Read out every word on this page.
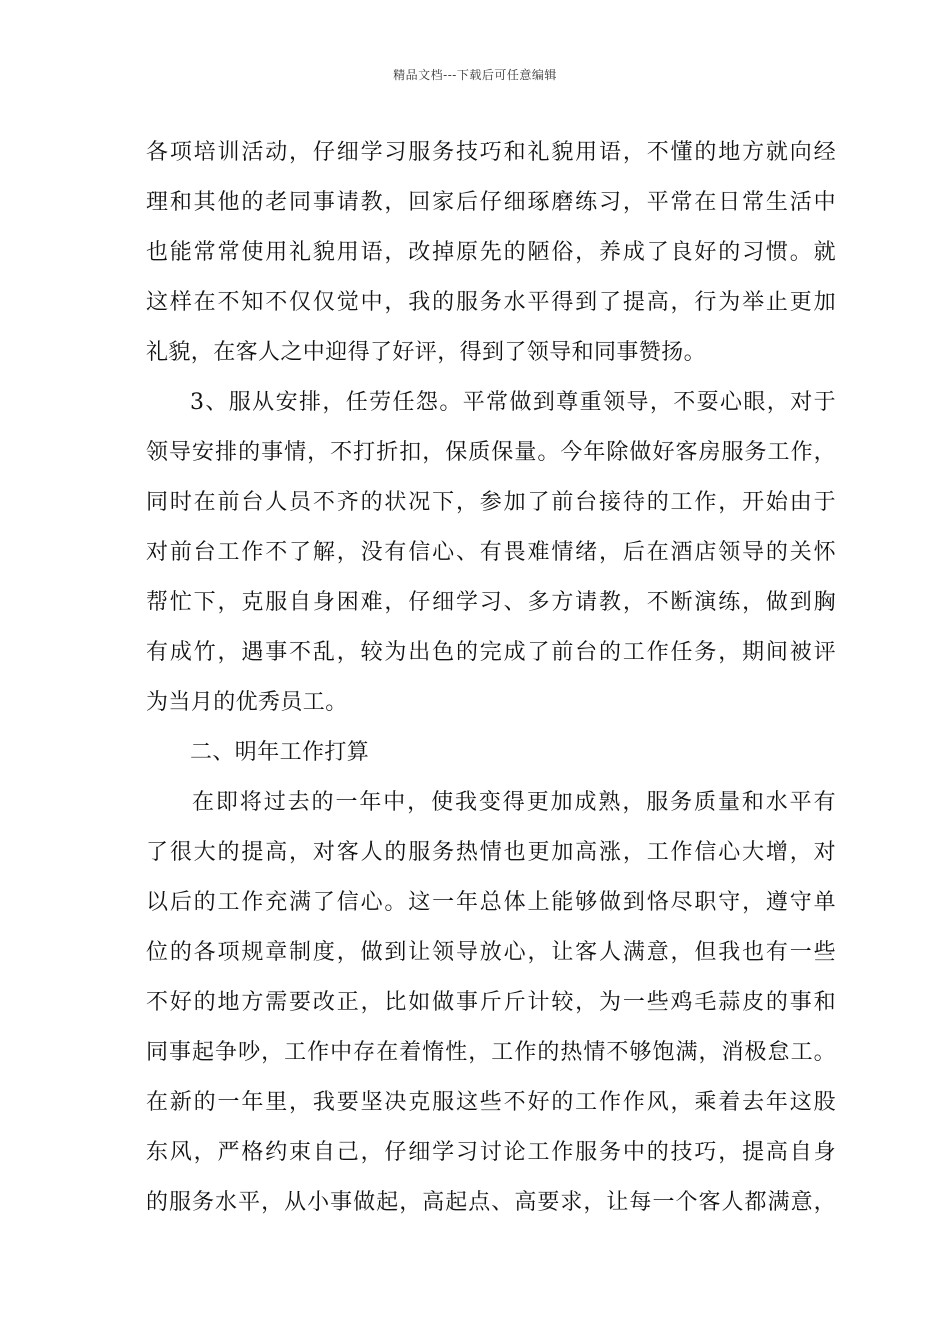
精品文档---下载后可任意编辑
各项培训活动，仔细学习服务技巧和礼貌用语，不懂的地方就向经
理和其他的老同事请教，回家后仔细琢磨练习，平常在日常生活中
也能常常使用礼貌用语，改掉原先的陋俗，养成了良好的习惯。就
这样在不知不仅仅觉中，我的服务水平得到了提高，行为举止更加
礼貌，在客人之中迎得了好评，得到了领导和同事赞扬。
3、服从安排，任劳任怨。平常做到尊重领导，不耍心眼，对于
领导安排的事情，不打折扣，保质保量。今年除做好客房服务工作，
同时在前台人员不齐的状况下，参加了前台接待的工作，开始由于
对前台工作不了解，没有信心、有畏难情绪，后在酒店领导的关怀
帮忙下，克服自身困难，仔细学习、多方请教，不断演练，做到胸
有成竹，遇事不乱，较为出色的完成了前台的工作任务，期间被评
为当月的优秀员工。
二、明年工作打算
在即将过去的一年中，使我变得更加成熟，服务质量和水平有
了很大的提高，对客人的服务热情也更加高涨，工作信心大增，对
以后的工作充满了信心。这一年总体上能够做到恪尽职守，遵守单
位的各项规章制度，做到让领导放心，让客人满意，但我也有一些
不好的地方需要改正，比如做事斤斤计较，为一些鸡毛蒜皮的事和
同事起争吵，工作中存在着惰性，工作的热情不够饱满，消极怠工。
在新的一年里，我要坚决克服这些不好的工作作风，乘着去年这股
东风，严格约束自己，仔细学习讨论工作服务中的技巧，提高自身
的服务水平，从小事做起，高起点、高要求，让每一个客人都满意，
